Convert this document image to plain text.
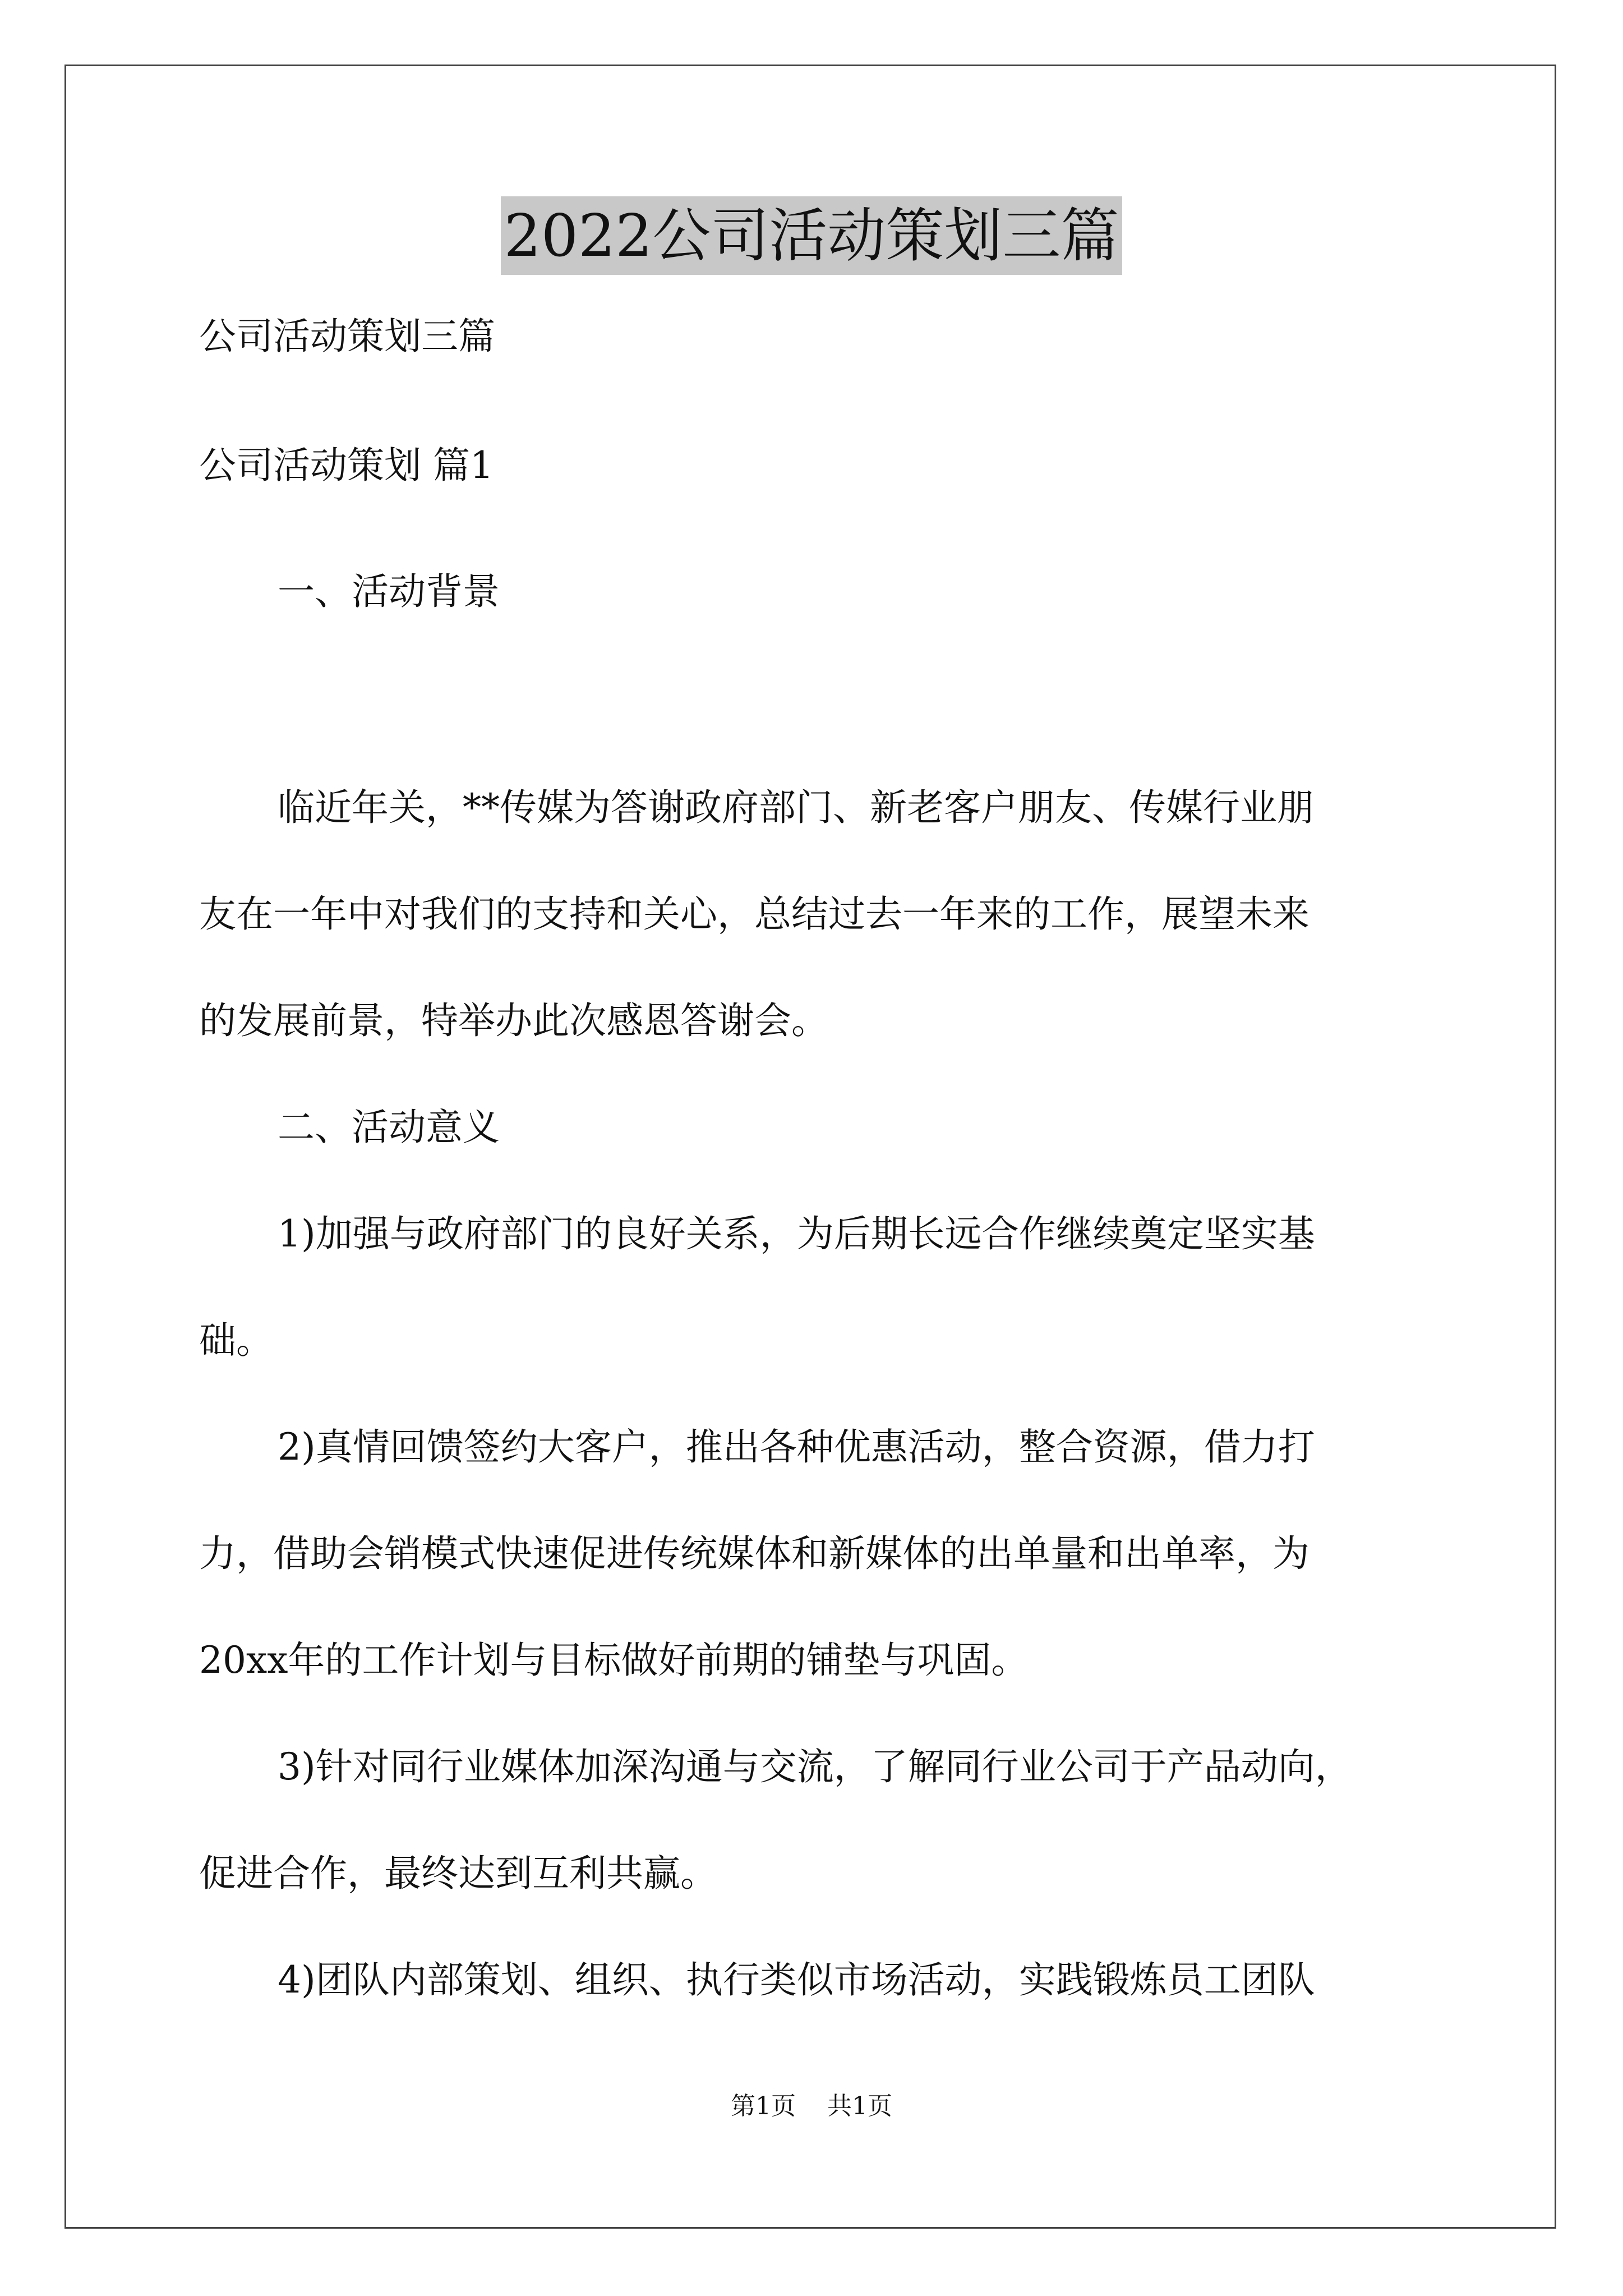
2022公司活动策划三篇
公司活动策划三篇
公司活动策划 篇1
一、活动背景
临近年关，**传媒为答谢政府部门、新老客户朋友、传媒行业朋
友在一年中对我们的支持和关心，总结过去一年来的工作，展望未来
的发展前景，特举办此次感恩答谢会。
二、活动意义
1)加强与政府部门的良好关系，为后期长远合作继续奠定坚实基
础。
2)真情回馈签约大客户，推出各种优惠活动，整合资源，借力打
力，借助会销模式快速促进传统媒体和新媒体的出单量和出单率，为
20xx年的工作计划与目标做好前期的铺垫与巩固。
3)针对同行业媒体加深沟通与交流，了解同行业公司于产品动向，
促进合作，最终达到互利共赢。
4)团队内部策划、组织、执行类似市场活动，实践锻炼员工团队
第1页 共1页
